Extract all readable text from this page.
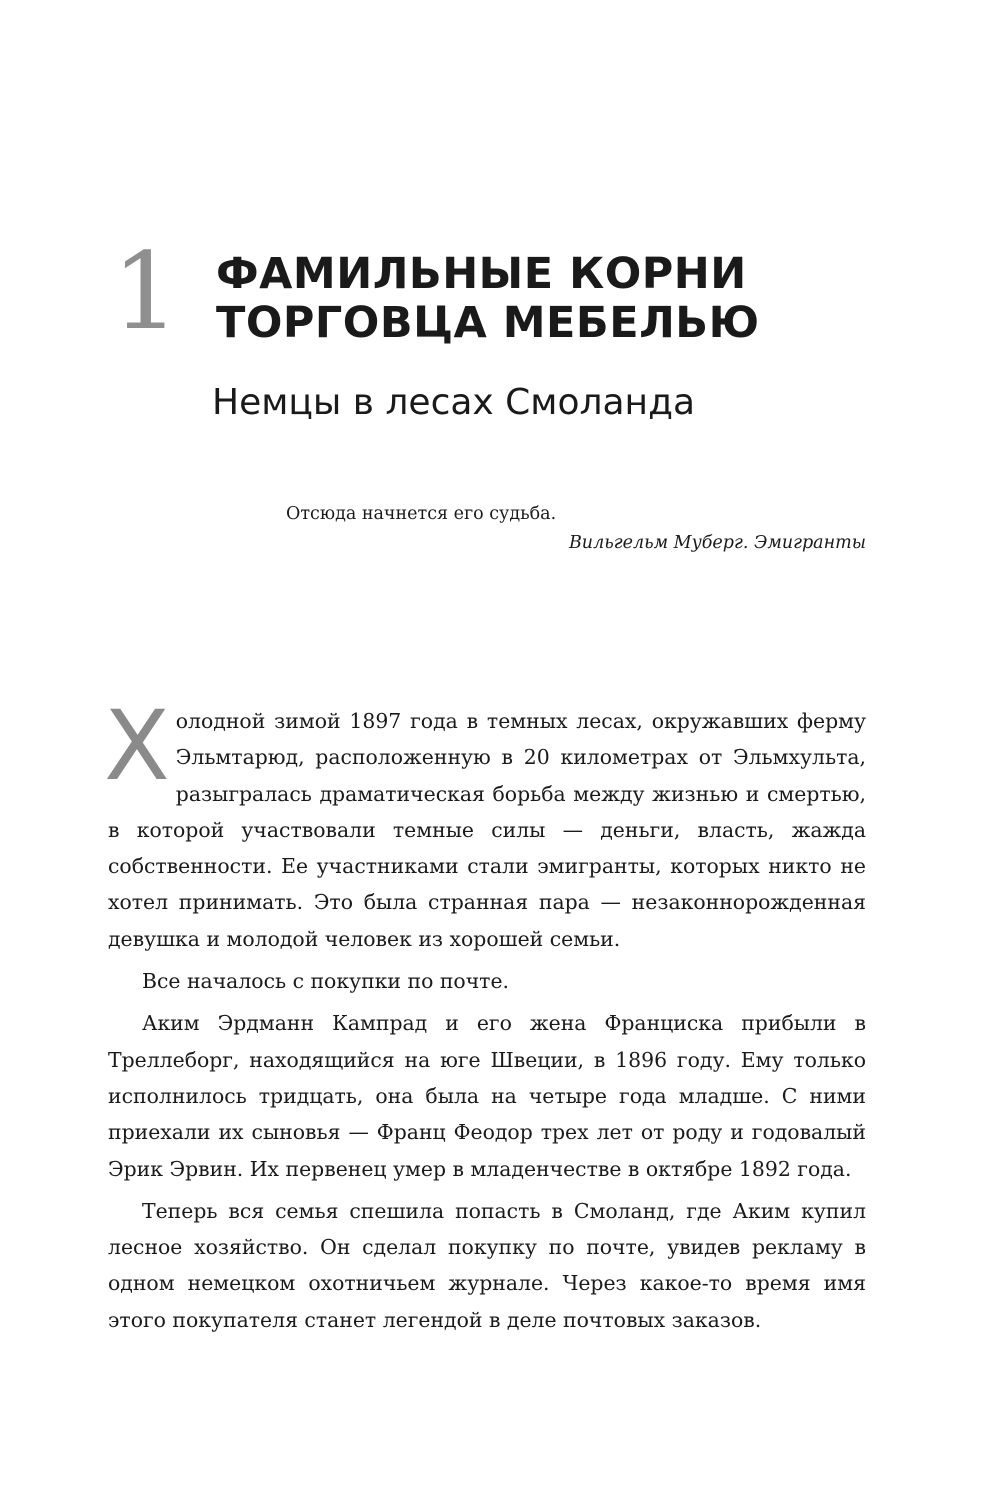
1 ФАМИЛЬНЫЕ КОРНИ
ТОРГОВЦА МЕБЕЛЬЮ
Немцы в лесах Смоланда
Отсюда начнется его судьба.
Вильгельм Муберг. Эмигранты

Холодной зимой 1897 года в темных лесах, окружавших ферму Эльмтарюд, расположенную в 20 километрах от Эльмхульта, разыгралась драматическая борьба между жизнью и смертью, в которой участвовали темные силы — деньги, власть, жажда собственности. Ее участниками стали эмигранты, которых никто не хотел принимать. Это была странная пара — незаконнорожденная девушка и молодой человек из хорошей семьи.

Все началось с покупки по почте.

Аким Эрдманн Кампрад и его жена Франциска прибыли в Треллеборг, находящийся на юге Швеции, в 1896 году. Ему только исполнилось тридцать, она была на четыре года младше. С ними приехали их сыновья — Франц Феодор трех лет от роду и годовалый Эрик Эрвин. Их первенец умер в младенчестве в октябре 1892 года.

Теперь вся семья спешила попасть в Смоланд, где Аким купил лесное хозяйство. Он сделал покупку по почте, увидев рекламу в одном немецком охотничьем журнале. Через какое-то время имя этого покупателя станет легендой в деле почтовых заказов.
